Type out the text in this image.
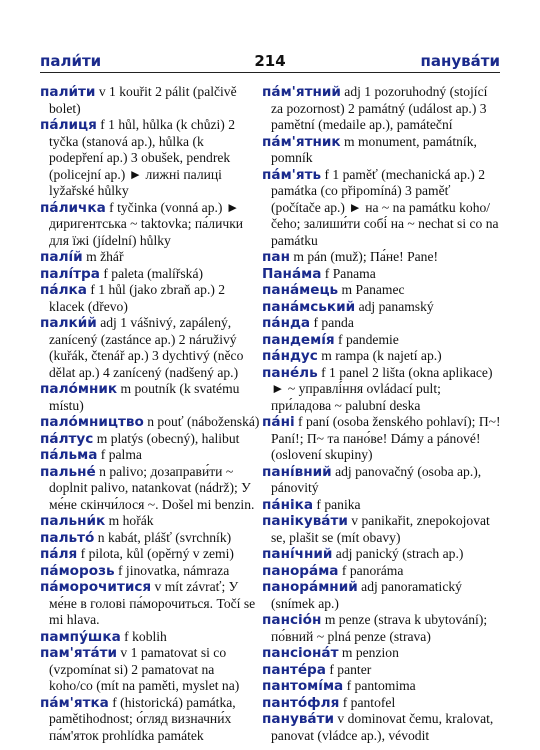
пали́ти	214	панува́ти
пали́ти v 1 kouřit 2 pálit (palčivě bolet)
па́лиця f 1 hůl, hůlka (k chůzi) 2 tyčka (stanová ap.), hůlka (k podepření ap.) 3 obušek, pendrek (policejní ap.) ► лижні палиці lyžařské hůlky
па́личка f tyčinka (vonná ap.) ► диригентська ~ taktovka; па́лички для їжі (jídelní) hůlky
палі́й m žhář
палі́тра f paleta (malířská)
па́лка f 1 hůl (jako zbraň ap.) 2 klacek (dřevo)
палки́й adj 1 vášnivý, zapálený, zanícený (zastánce ap.) 2 náruživý (kuřák, čtenář ap.) 3 dychtivý (něco dělat ap.) 4 zanícený (nadšený ap.)
пало́мник m poutník (k svatému místu)
пало́мництво n pouť (náboženská)
па́лтус m platýs (obecný), halibut
па́льма f palma
пальне́ n palivo; дозаправи́ти ~ doplnit palivo, natankovat (nádrž); У ме́не скінчи́лося ~. Došel mi benzin.
пальни́к m hořák
пальто́ n kabát, plášť (svrchník)
па́ля f pilota, kůl (opěrný v zemi)
па́морозь f jinovatka, námraza
па́морочитися v mít závrať; У ме́не в голові па́морочиться. Točí se mi hlava.
пампу́шка f koblih
пам'ята́ти v 1 pamatovat si co (vzpomínat si) 2 pamatovat na koho/co (mít na paměti, myslet na)
па́м'ятка f (historická) památka, pamětihodnost; о́гляд визначни́х па́м'яток prohlídka památek
па́м'ятний adj 1 pozoruhodný (stojící za pozornost) 2 památný (událost ap.) 3 pamětní (medaile ap.), památeční
па́м'ятник m monument, památník, pomník
па́м'ять f 1 paměť (mechanická ap.) 2 památka (co připomíná) 3 paměť (počítače ap.) ► на ~ na památku koho/čeho; залиши́ти собі́ на ~ nechat si co na památku
пан m pán (muž); Па́не! Pane!
Пана́ма f Panama
пана́мець m Panamec
пана́мський adj panamský
па́нда f panda
пандемі́я f pandemie
па́ндус m rampa (k najetí ap.)
пане́ль f 1 panel 2 lišta (okna aplikace) ► ~ управлі́ння ovládací pult; при́ладова ~ palubní deska
па́ні f paní (osoba ženského pohlaví); П~! Paní!; П~ та пано́ве! Dámy a pánové! (oslovení skupiny)
пані́вний adj panovačný (osoba ap.), pánovitý
па́ніка f panika
панікува́ти v panikařit, znepokojovat se, plašit se (mít obavy)
пані́чний adj panický (strach ap.)
панора́ма f panoráma
панора́мний adj panoramatický (snímek ap.)
пансіо́н m penze (strava k ubytování); по́вний ~ plná penze (strava)
пансіона́т m penzion
панте́ра f panter
пантомі́ма f pantomima
панто́фля f pantofel
панува́ти v dominovat čemu, kralovat, panovat (vládce ap.), vévodit
